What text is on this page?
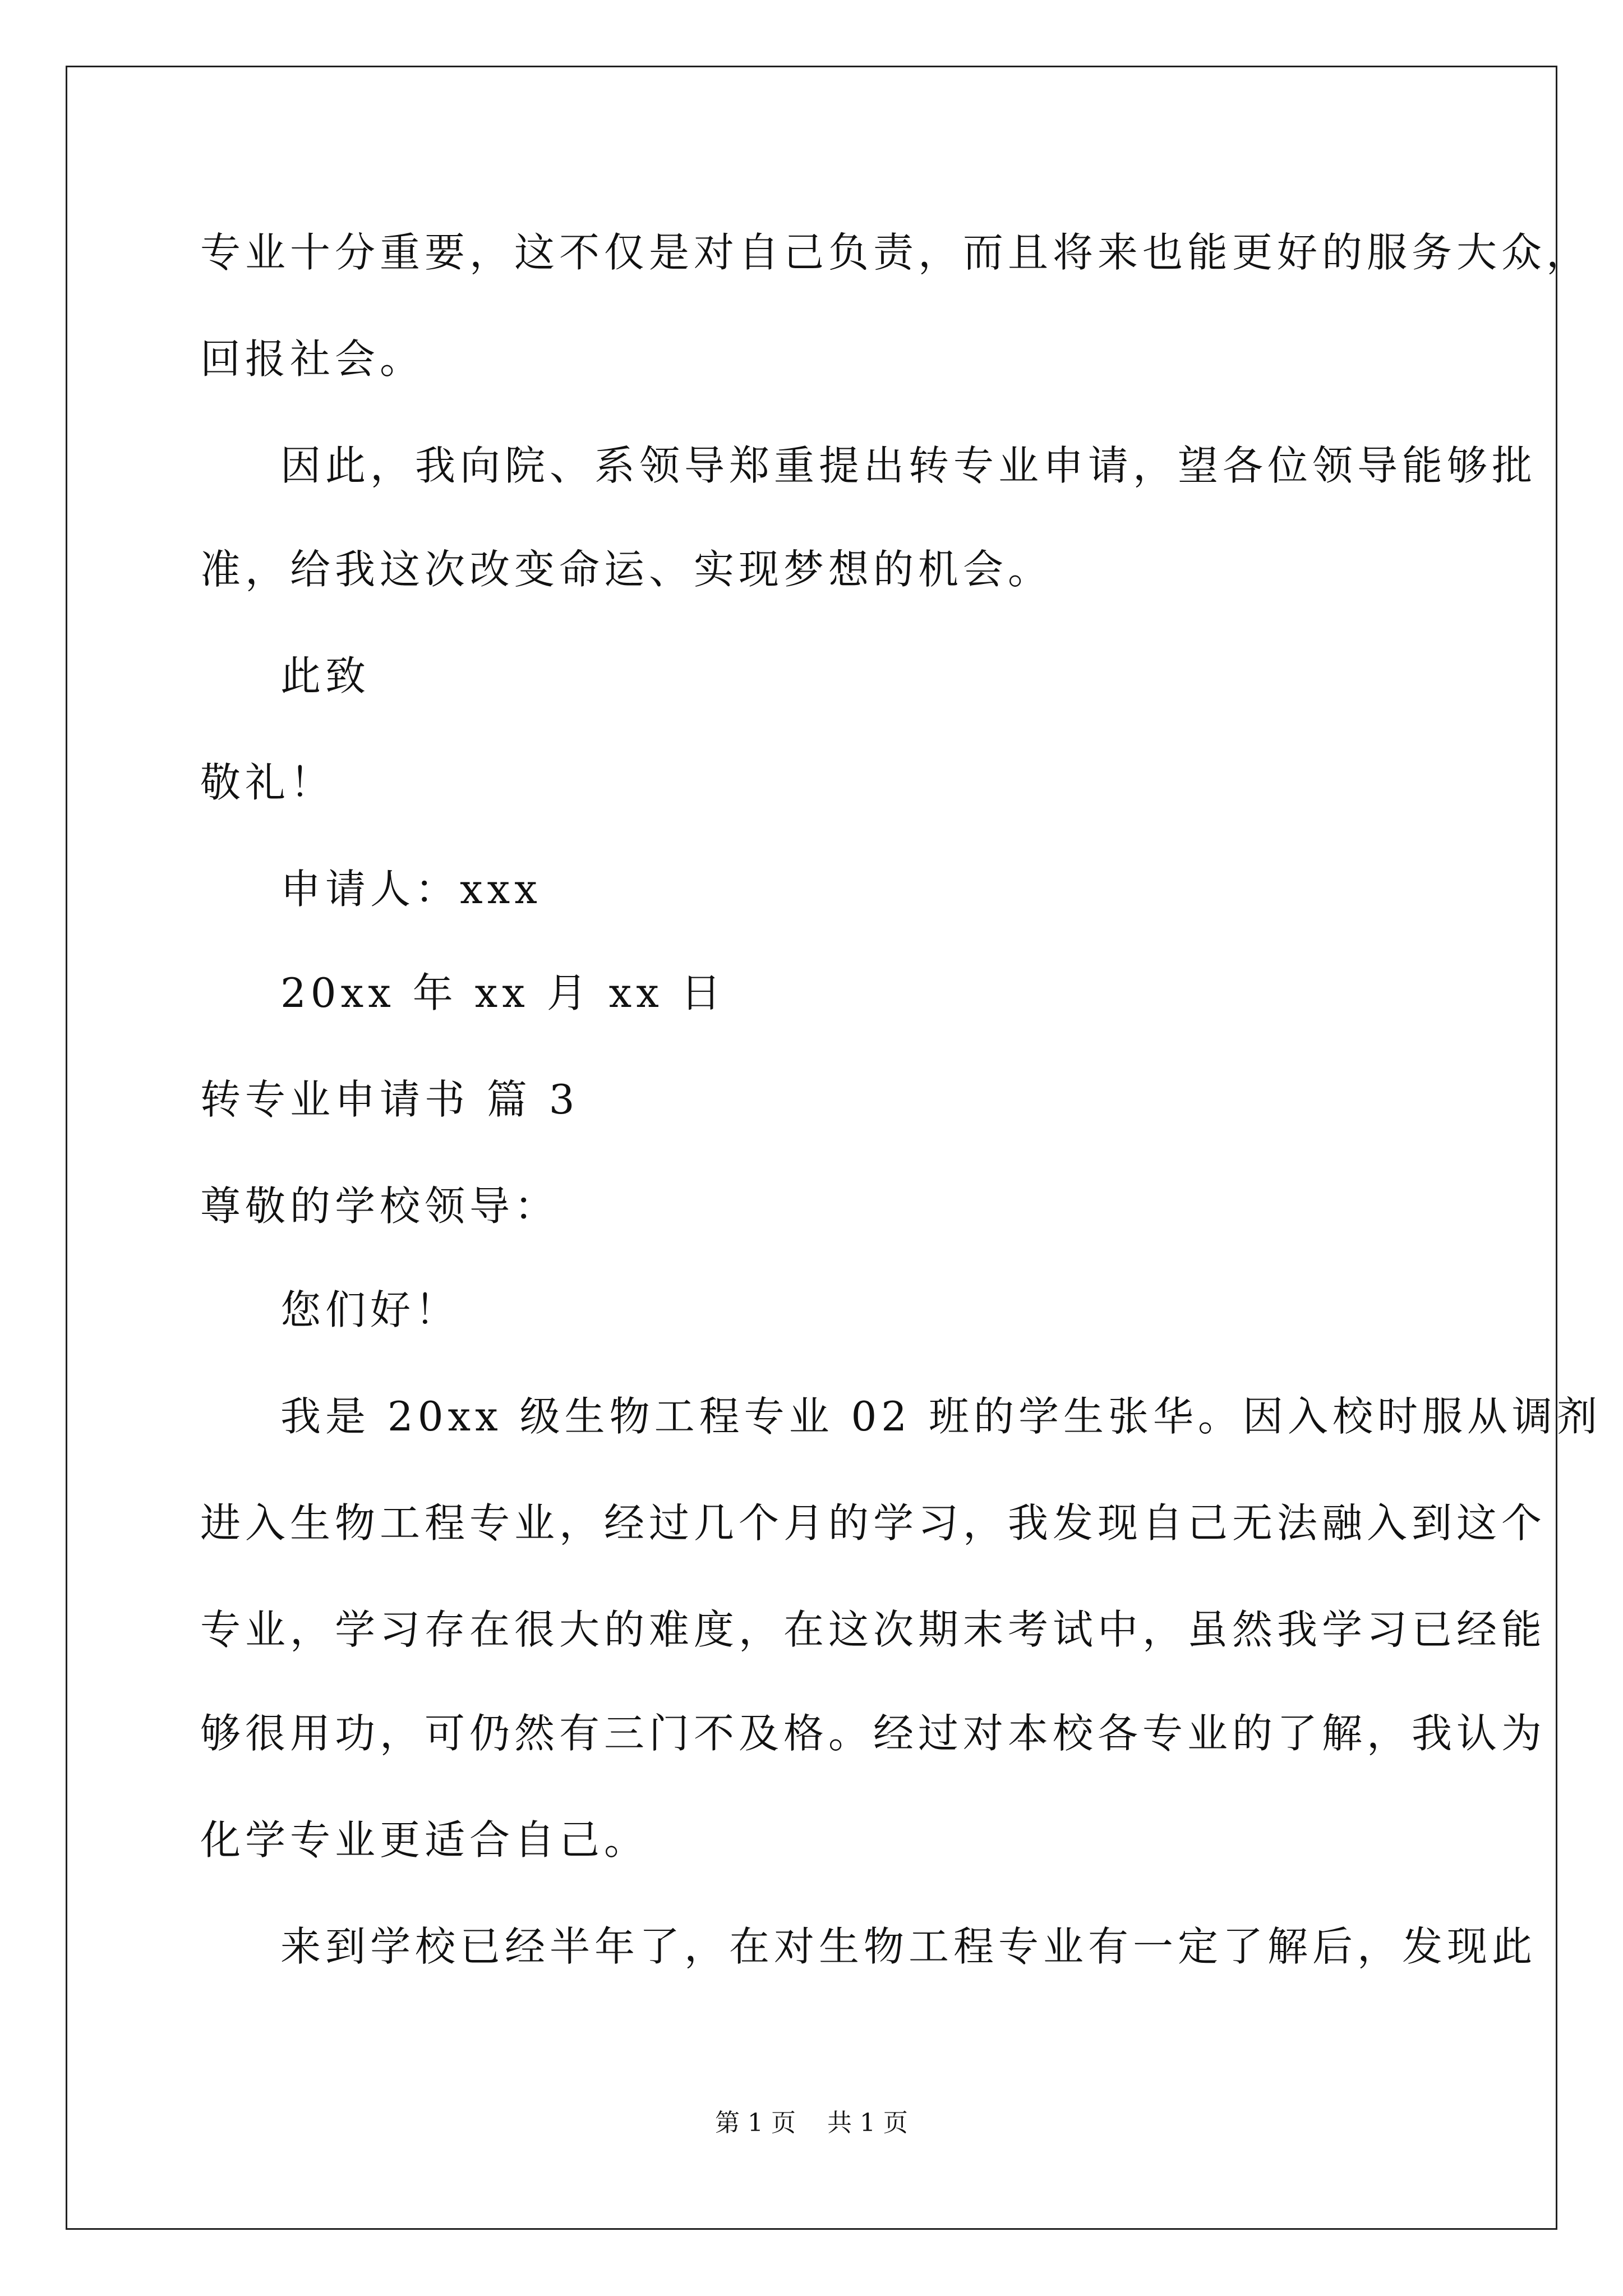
专业十分重要，这不仅是对自己负责，而且将来也能更好的服务大众，

回报社会。

因此，我向院、系领导郑重提出转专业申请，望各位领导能够批

准，给我这次改变命运、实现梦想的机会。

此致

敬礼！

申请人：xxx

20xx 年 xx 月 xx 日

转专业申请书 篇 3

尊敬的学校领导：

您们好！

我是 20xx 级生物工程专业 02 班的学生张华。因入校时服从调剂

进入生物工程专业，经过几个月的学习，我发现自己无法融入到这个

专业，学习存在很大的难度，在这次期末考试中，虽然我学习已经能

够很用功，可仍然有三门不及格。经过对本校各专业的了解，我认为

化学专业更适合自己。

来到学校已经半年了，在对生物工程专业有一定了解后，发现此

第 1 页    共 1 页
